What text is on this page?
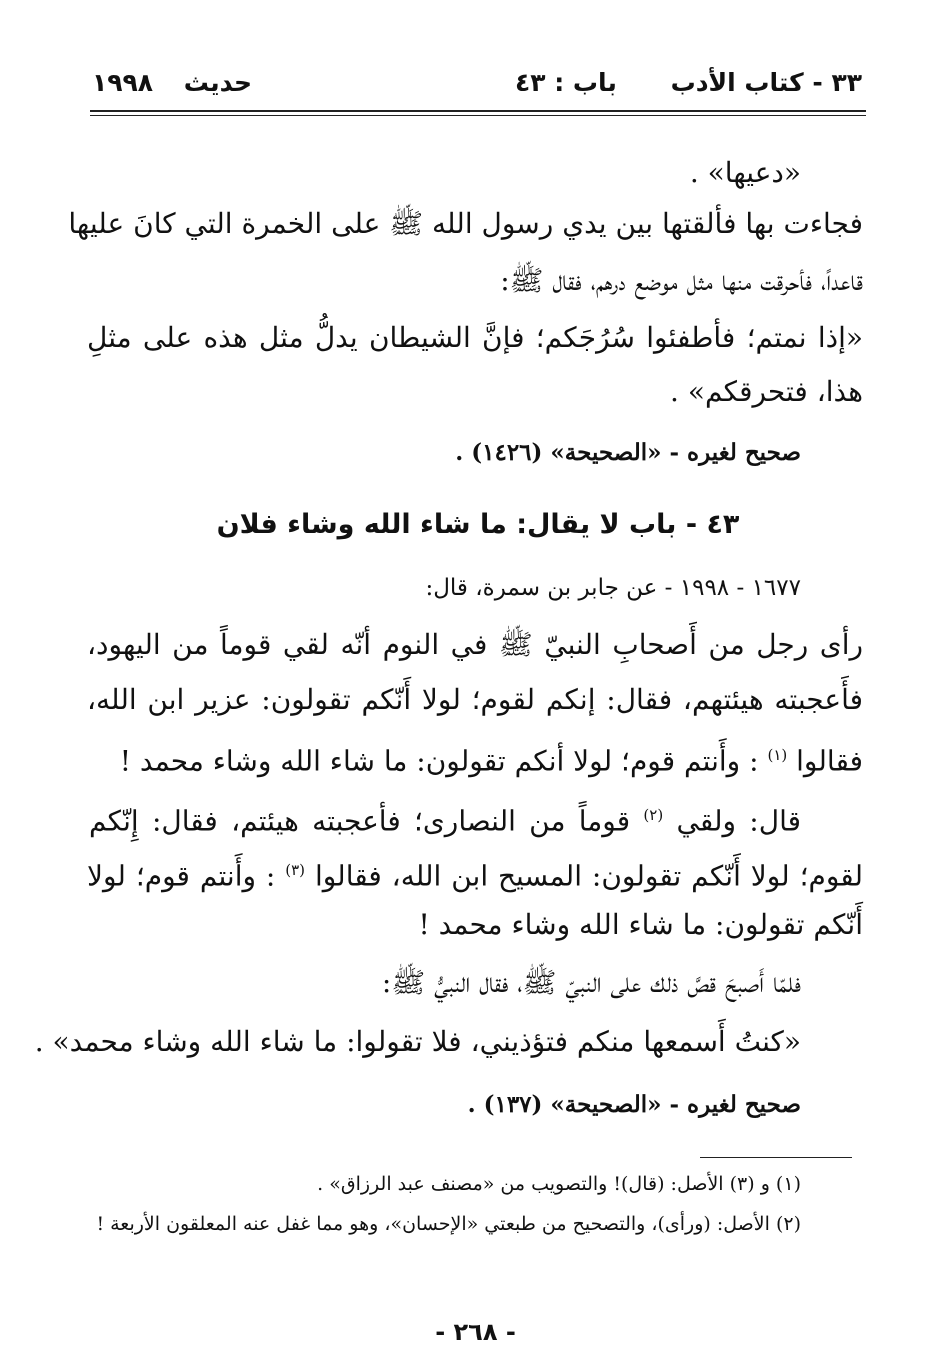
٣٣ - كتاب الأدب
باب : ٤٣
حديث ١٩٩٨
«دعيها» .
فجاءت بها فألقتها بين يدي رسول الله ﷺ على الخمرة التي كانَ عليها
قاعداً، فأحرقت منها مثل موضع درهم، فقال ﷺ:
«إذا نمتم؛ فأطفئوا سُرُجَكم؛ فإنَّ الشيطان يدلُّ مثل هذه على مثلِ
هذا، فتحرقكم» .
صحيح لغيره - «الصحيحة» (١٤٢٦) .
٤٣ - باب لا يقال: ما شاء الله وشاء فلان
١٦٧٧ - ١٩٩٨ - عن جابر بن سمرة، قال:
رأى رجل من أَصحابِ النبيّ ﷺ في النوم أنّه لقي قوماً من اليهود،
فأَعجبته هيئتهم، فقال: إنكم لقوم؛ لولا أَنّكم تقولون: عزير ابن الله،
فقالوا $^{(١)}$ : وأَنتم قوم؛ لولا أنكم تقولون: ما شاء الله وشاء محمد !
قال: ولقي $^{(٢)}$ قوماً من النصارى؛ فأعجبته هيئتم، فقال: إِنّكم
لقوم؛ لولا أَنّكم تقولون: المسيح ابن الله، فقالوا $^{(٣)}$ : وأَنتم قوم؛ لولا
أَنّكم تقولون: ما شاء الله وشاء محمد !
فلمّا أَصبحَ قصَّ ذلك على النبيّ ﷺ، فقال النبيُّ ﷺ:
«كنتُ أَسمعها منكم فتؤذيني، فلا تقولوا: ما شاء الله وشاء محمد» .
صحيح لغيره - «الصحيحة» (١٣٧) .
(١) و (٣) الأصل: (قال)! والتصويب من «مصنف عبد الرزاق» .
(٢) الأصل: (ورأى)، والتصحيح من طبعتي «الإحسان»، وهو مما غفل عنه المعلقون الأربعة !
- ٢٦٨ -
